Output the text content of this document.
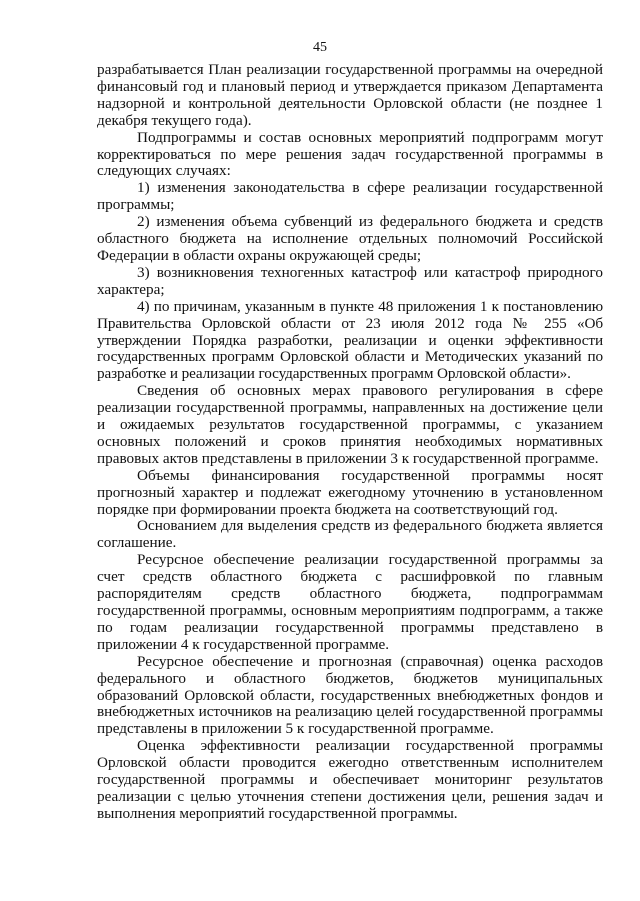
45

разрабатывается План реализации государственной программы на очередной финансовый год и плановый период и утверждается приказом Департамента надзорной и контрольной деятельности Орловской области (не позднее 1 декабря текущего года).

Подпрограммы и состав основных мероприятий подпрограмм могут корректироваться по мере решения задач государственной программы в следующих случаях:

1) изменения законодательства в сфере реализации государственной программы;

2) изменения объема субвенций из федерального бюджета и средств областного бюджета на исполнение отдельных полномочий Российской Федерации в области охраны окружающей среды;

3) возникновения техногенных катастроф или катастроф природного характера;

4) по причинам, указанным в пункте 48 приложения 1 к постановлению Правительства Орловской области от 23 июля 2012 года № 255 «Об утверждении Порядка разработки, реализации и оценки эффективности государственных программ Орловской области и Методических указаний по разработке и реализации государственных программ Орловской области».

Сведения об основных мерах правового регулирования в сфере реализации государственной программы, направленных на достижение цели и ожидаемых результатов государственной программы, с указанием основных положений и сроков принятия необходимых нормативных правовых актов представлены в приложении 3 к государственной программе.

Объемы финансирования государственной программы носят прогнозный характер и подлежат ежегодному уточнению в установленном порядке при формировании проекта бюджета на соответствующий год.

Основанием для выделения средств из федерального бюджета является соглашение.

Ресурсное обеспечение реализации государственной программы за счет средств областного бюджета с расшифровкой по главным распорядителям средств областного бюджета, подпрограммам государственной программы, основным мероприятиям подпрограмм, а также по годам реализации государственной программы представлено в приложении 4 к государственной программе.

Ресурсное обеспечение и прогнозная (справочная) оценка расходов федерального и областного бюджетов, бюджетов муниципальных образований Орловской области, государственных внебюджетных фондов и внебюджетных источников на реализацию целей государственной программы представлены в приложении 5 к государственной программе.

Оценка эффективности реализации государственной программы Орловской области проводится ежегодно ответственным исполнителем государственной программы и обеспечивает мониторинг результатов реализации с целью уточнения степени достижения цели, решения задач и выполнения мероприятий государственной программы.
